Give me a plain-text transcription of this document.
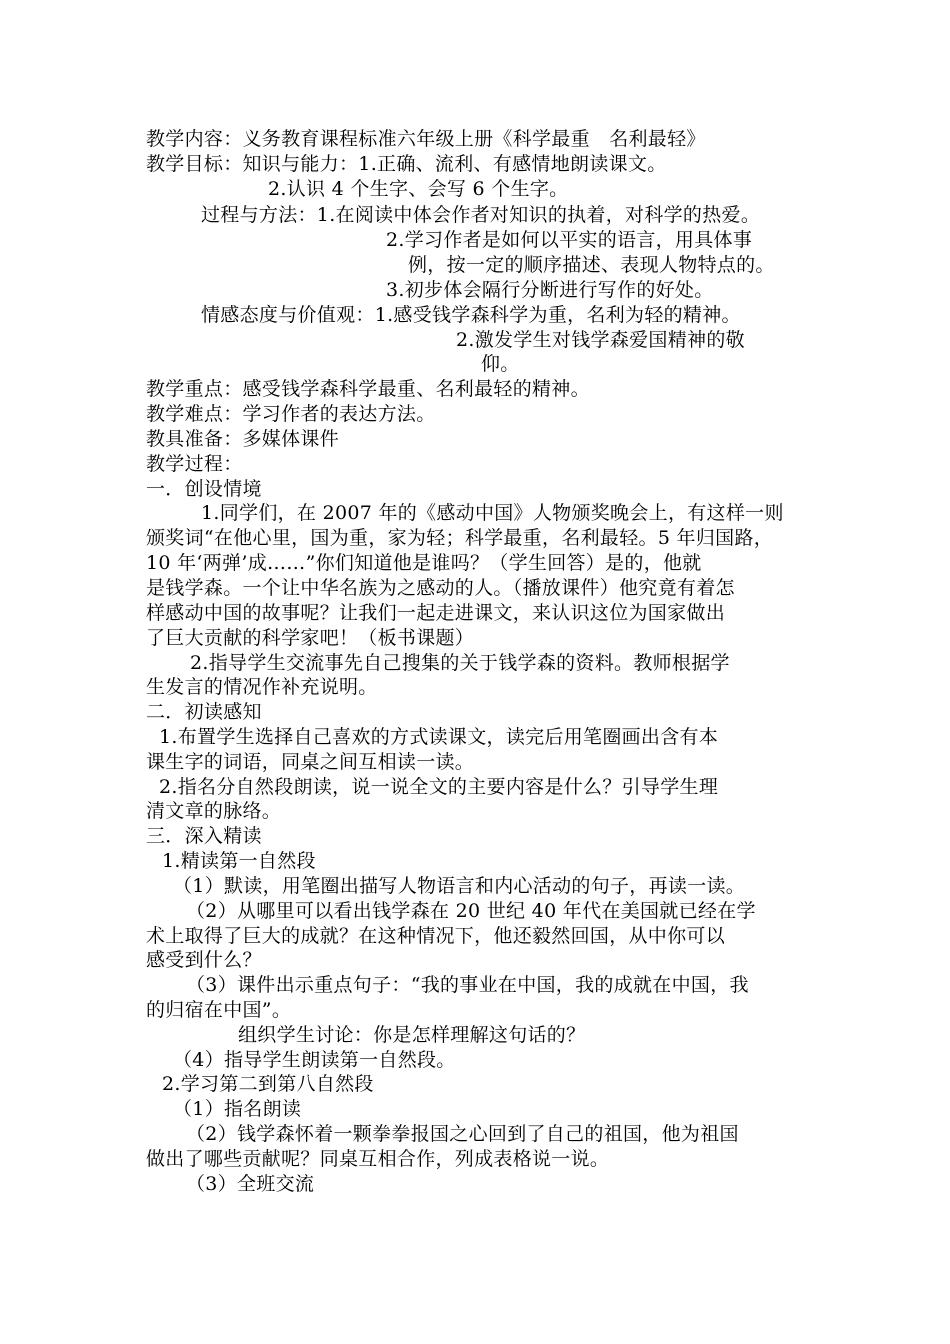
教学内容：义务教育课程标准六年级上册《科学最重　名利最轻》
教学目标：知识与能力：1.正确、流利、有感情地朗读课文。
2.认识 4 个生字、会写 6 个生字。
过程与方法：1.在阅读中体会作者对知识的执着，对科学的热爱。
2.学习作者是如何以平实的语言，用具体事
例，按一定的顺序描述、表现人物特点的。
3.初步体会隔行分断进行写作的好处。
情感态度与价值观：1.感受钱学森科学为重，名利为轻的精神。
2.激发学生对钱学森爱国精神的敬
仰。
教学重点：感受钱学森科学最重、名利最轻的精神。
教学难点：学习作者的表达方法。
教具准备：多媒体课件
教学过程：
一．创设情境
1.同学们，在 2007 年的《感动中国》人物颁奖晚会上，有这样一则
颁奖词“在他心里，国为重，家为轻；科学最重，名利最轻。5 年归国路，
10 年‘两弹’成……”你们知道他是谁吗？（学生回答）是的，他就
是钱学森。一个让中华名族为之感动的人。（播放课件）他究竟有着怎
样感动中国的故事呢？让我们一起走进课文，来认识这位为国家做出
了巨大贡献的科学家吧！（板书课题）
2.指导学生交流事先自己搜集的关于钱学森的资料。教师根据学
生发言的情况作补充说明。
二．初读感知
1.布置学生选择自己喜欢的方式读课文，读完后用笔圈画出含有本
课生字的词语，同桌之间互相读一读。
2.指名分自然段朗读，说一说全文的主要内容是什么？引导学生理
清文章的脉络。
三．深入精读
1.精读第一自然段
（1）默读，用笔圈出描写人物语言和内心活动的句子，再读一读。
（2）从哪里可以看出钱学森在 20 世纪 40 年代在美国就已经在学
术上取得了巨大的成就？在这种情况下，他还毅然回国，从中你可以
感受到什么？
（3）课件出示重点句子：“我的事业在中国，我的成就在中国，我
的归宿在中国”。
组织学生讨论：你是怎样理解这句话的？
（4）指导学生朗读第一自然段。
2.学习第二到第八自然段
（1）指名朗读
（2）钱学森怀着一颗拳拳报国之心回到了自己的祖国，他为祖国
做出了哪些贡献呢？同桌互相合作，列成表格说一说。
（3）全班交流
